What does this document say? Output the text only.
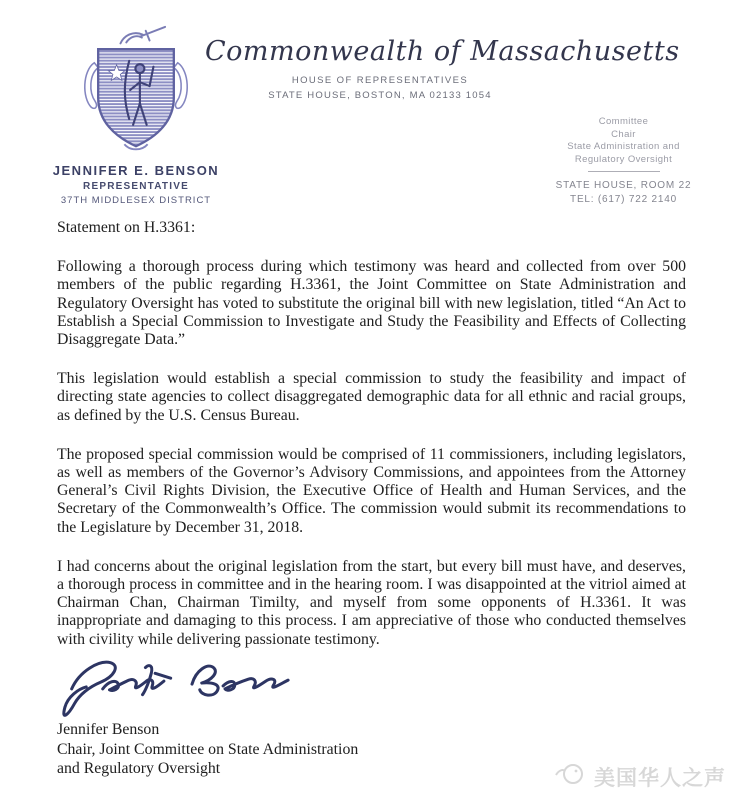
JENNIFER E. BENSON
REPRESENTATIVE
37TH MIDDLESEX DISTRICT
Commonwealth of Massachusetts
HOUSE OF REPRESENTATIVES
STATE HOUSE, BOSTON, MA 02133 1054
Committee
Chair
State Administration and
Regulatory Oversight
STATE HOUSE, ROOM 22
TEL: (617) 722 2140

Statement on H.3361:

Following a thorough process during which testimony was heard and collected from over 500 members of the public regarding H.3361, the Joint Committee on State Administration and Regulatory Oversight has voted to substitute the original bill with new legislation, titled “An Act to Establish a Special Commission to Investigate and Study the Feasibility and Effects of Collecting Disaggregate Data.”

This legislation would establish a special commission to study the feasibility and impact of directing state agencies to collect disaggregated demographic data for all ethnic and racial groups, as defined by the U.S. Census Bureau.

The proposed special commission would be comprised of 11 commissioners, including legislators, as well as members of the Governor’s Advisory Commissions, and appointees from the Attorney General’s Civil Rights Division, the Executive Office of Health and Human Services, and the Secretary of the Commonwealth’s Office. The commission would submit its recommendations to the Legislature by December 31, 2018.

I had concerns about the original legislation from the start, but every bill must have, and deserves, a thorough process in committee and in the hearing room. I was disappointed at the vitriol aimed at Chairman Chan, Chairman Timilty, and myself from some opponents of H.3361. It was inappropriate and damaging to this process. I am appreciative of those who conducted themselves with civility while delivering passionate testimony.

Jennifer Benson
Chair, Joint Committee on State Administration
and Regulatory Oversight	美国华人之声
